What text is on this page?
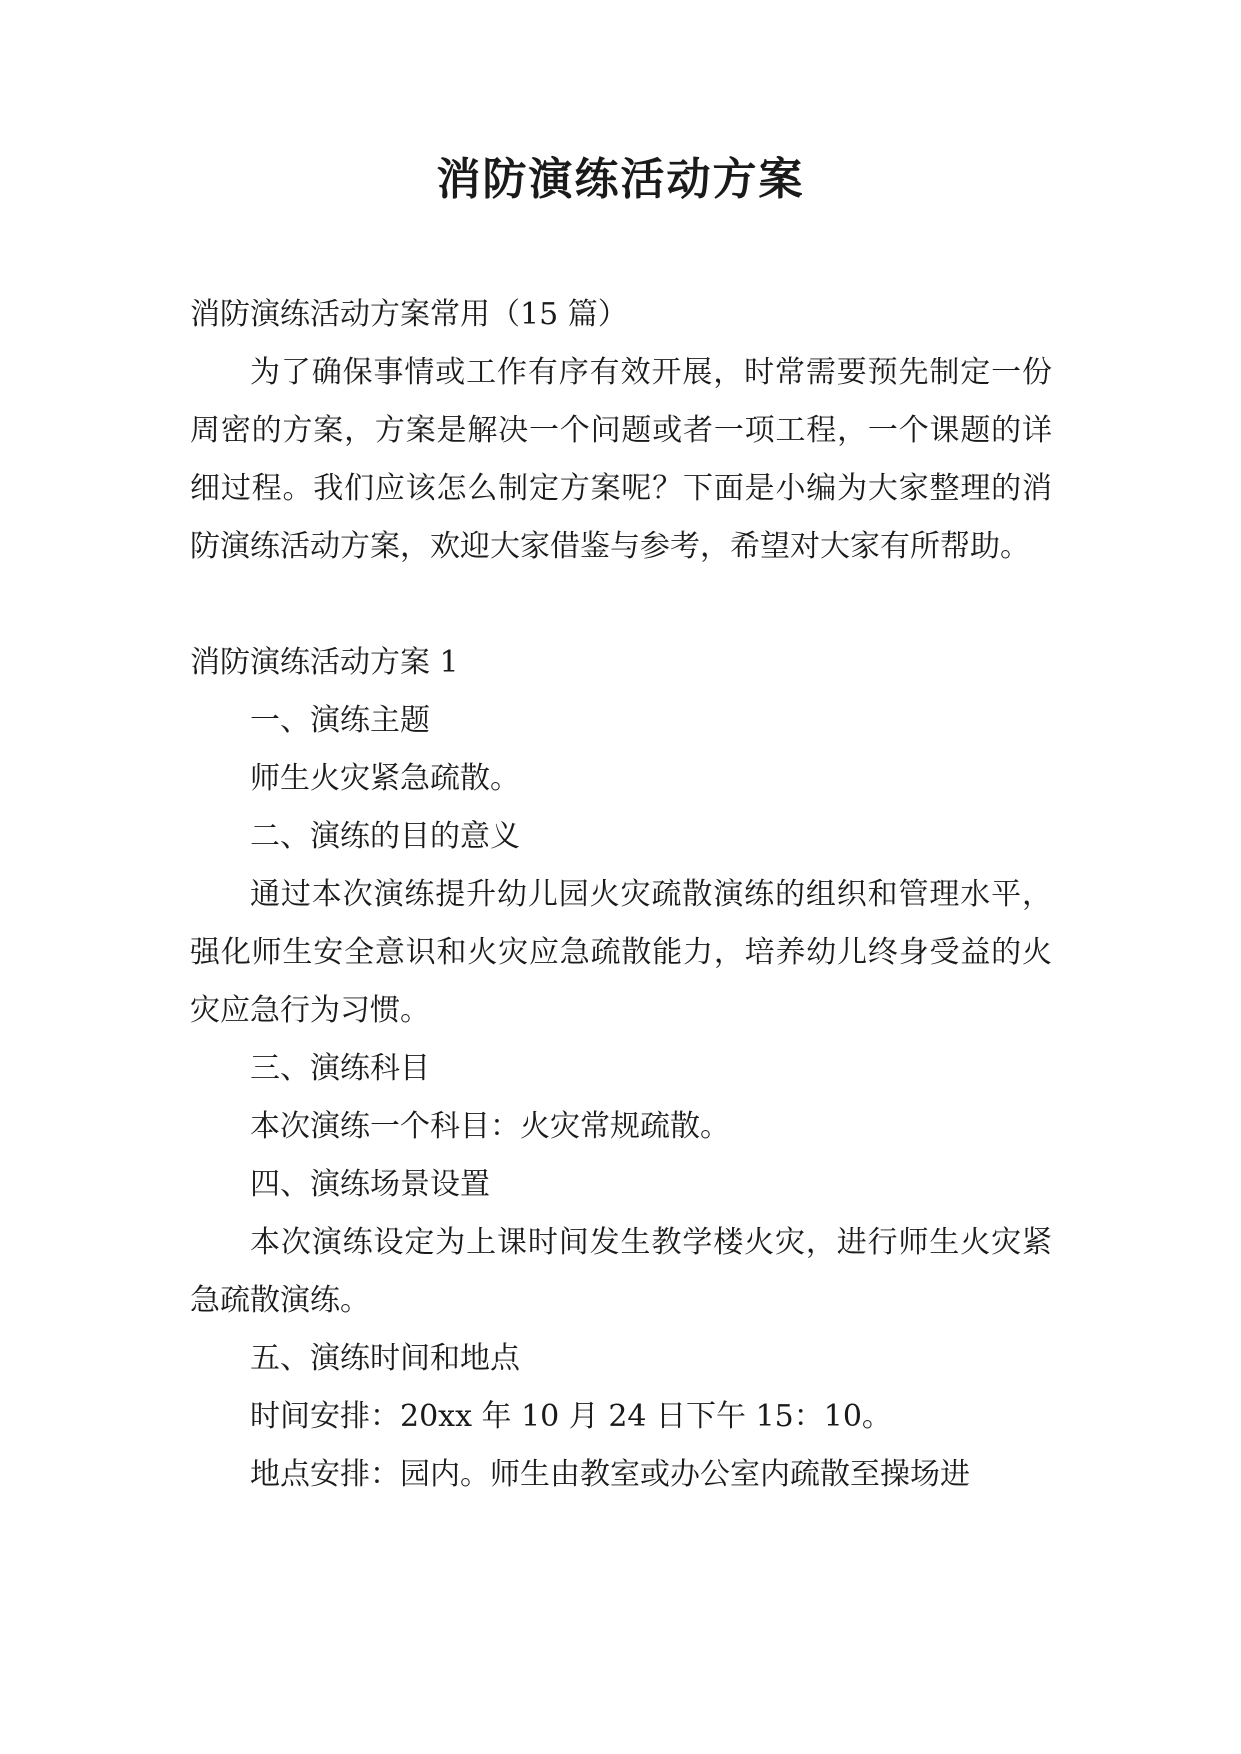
消防演练活动方案

消防演练活动方案常用（15 篇）

为了确保事情或工作有序有效开展，时常需要预先制定一份周密的方案，方案是解决一个问题或者一项工程，一个课题的详细过程。我们应该怎么制定方案呢？下面是小编为大家整理的消防演练活动方案，欢迎大家借鉴与参考，希望对大家有所帮助。

消防演练活动方案 1

一、演练主题

师生火灾紧急疏散。

二、演练的目的意义

通过本次演练提升幼儿园火灾疏散演练的组织和管理水平，强化师生安全意识和火灾应急疏散能力，培养幼儿终身受益的火灾应急行为习惯。

三、演练科目

本次演练一个科目：火灾常规疏散。

四、演练场景设置

本次演练设定为上课时间发生教学楼火灾，进行师生火灾紧急疏散演练。

五、演练时间和地点

时间安排：20xx 年 10 月 24 日下午 15：10。

地点安排：园内。师生由教室或办公室内疏散至操场进
